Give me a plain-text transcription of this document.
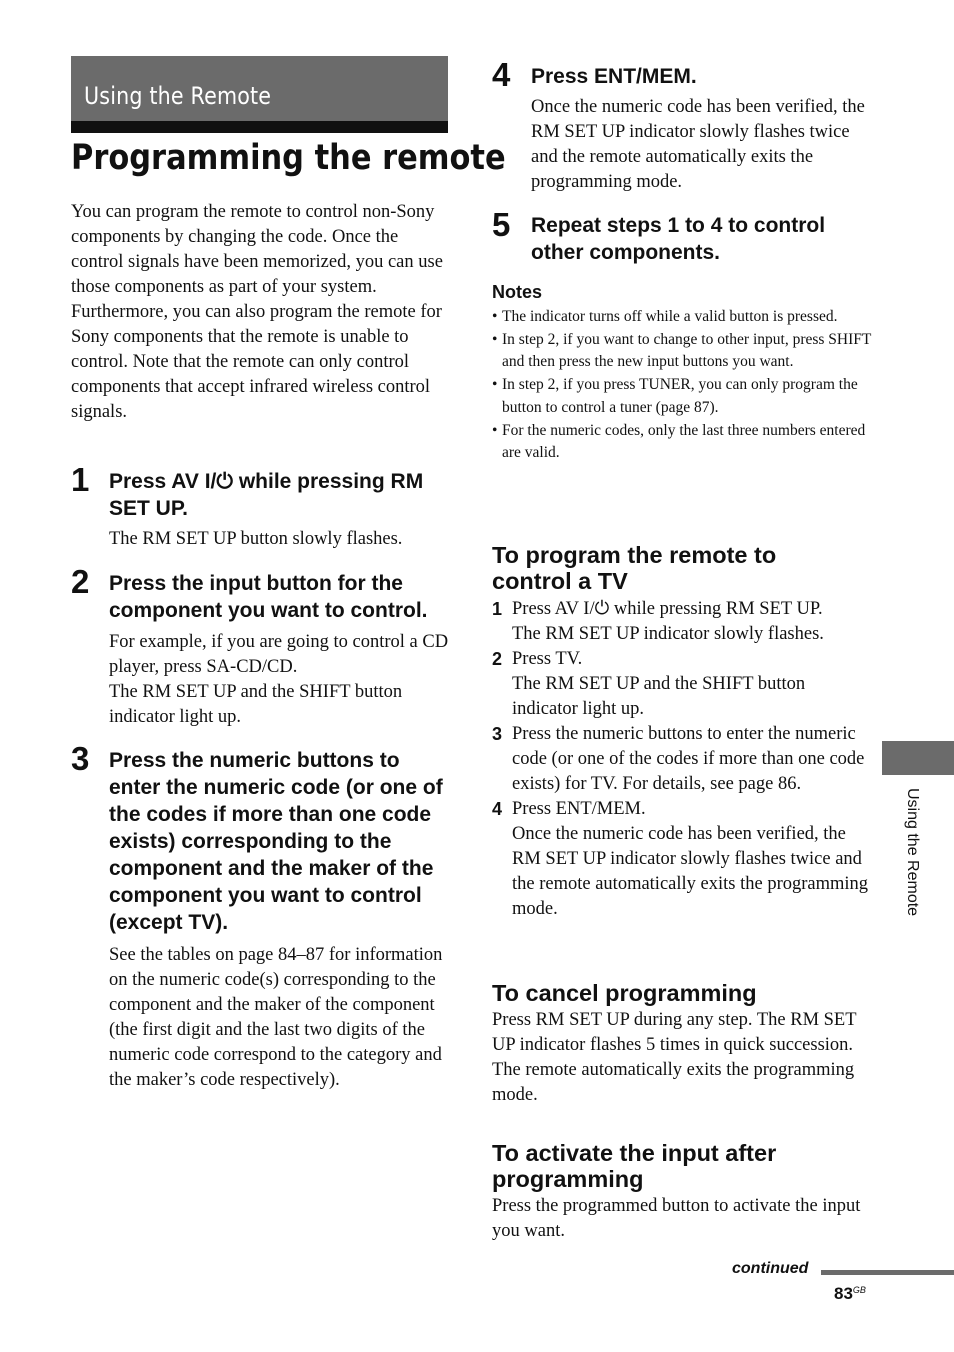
Using the Remote
Programming the remote

You can program the remote to control non-Sony components by changing the code. Once the control signals have been memorized, you can use those components as part of your system.

Furthermore, you can also program the remote for Sony components that the remote is unable to control. Note that the remote can only control components that accept infrared wireless control signals.

1 Press AV I/⏻ while pressing RM SET UP.

The RM SET UP button slowly flashes.

2 Press the input button for the component you want to control.

For example, if you are going to control a CD player, press SA-CD/CD.
The RM SET UP and the SHIFT button indicator light up.

3 Press the numeric buttons to enter the numeric code (or one of the codes if more than one code exists) corresponding to the component and the maker of the component you want to control (except TV).

See the tables on page 84–87 for information on the numeric code(s) corresponding to the component and the maker of the component (the first digit and the last two digits of the numeric code correspond to the category and the maker’s code respectively).

4 Press ENT/MEM.

Once the numeric code has been verified, the RM SET UP indicator slowly flashes twice and the remote automatically exits the programming mode.

5 Repeat steps 1 to 4 to control other components.

Notes
• The indicator turns off while a valid button is pressed.
• In step 2, if you want to change to other input, press SHIFT and then press the new input buttons you want.
• In step 2, if you press TUNER, you can only program the button to control a tuner (page 87).
• For the numeric codes, only the last three numbers entered are valid.
To program the remote to control a TV
1 Press AV I/⏻ while pressing RM SET UP.
The RM SET UP indicator slowly flashes.
2 Press TV.
The RM SET UP and the SHIFT button indicator light up.
3 Press the numeric buttons to enter the numeric code (or one of the codes if more than one code exists) for TV. For details, see page 86.
4 Press ENT/MEM.
Once the numeric code has been verified, the RM SET UP indicator slowly flashes twice and the remote automatically exits the programming mode.
To cancel programming

Press RM SET UP during any step. The RM SET UP indicator flashes 5 times in quick succession. The remote automatically exits the programming mode.

To activate the input after programming

Press the programmed button to activate the input you want.

Using the Remote
continued
$83^{GB}$
